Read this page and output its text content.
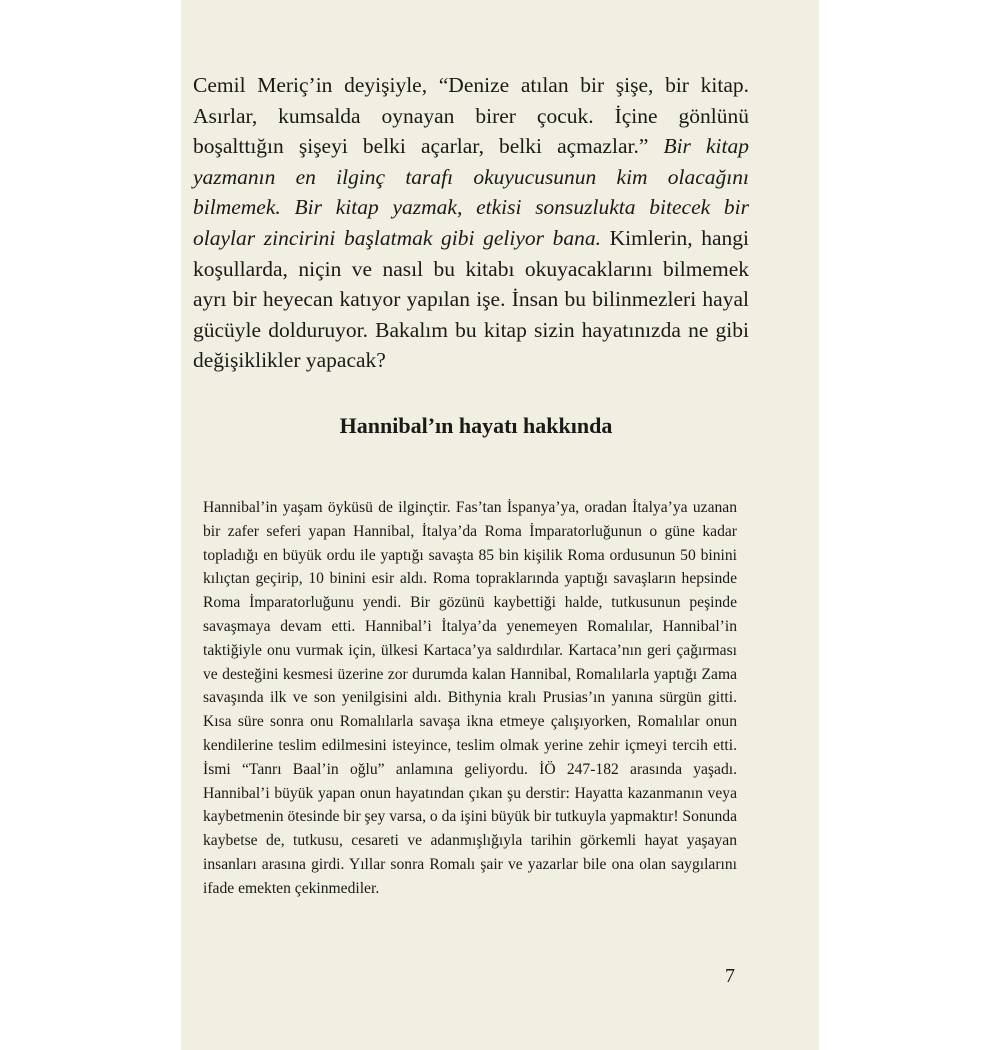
Cemil Meriç’in deyişiyle, “Denize atılan bir şişe, bir kitap. Asırlar, kumsalda oynayan birer çocuk. İçine gönlünü boşalttığın şişeyi belki açarlar, belki açmazlar.” Bir kitap yazmanın en ilginç tarafı okuyucusunun kim olacağını bilmemek. Bir kitap yazmak, etkisi sonsuzlukta bitecek bir olaylar zincirini başlatmak gibi geliyor bana. Kimlerin, hangi koşullarda, niçin ve nasıl bu kitabı okuyacaklarını bilmemek ayrı bir heyecan katıyor yapılan işe. İnsan bu bilinmezleri hayal gücüyle dolduruyor. Bakalım bu kitap sizin hayatınızda ne gibi değişiklikler yapacak?

Hannibal’ın hayatı hakkında

Hannibal’in yaşam öyküsü de ilginçtir. Fas’tan İspanya’ya, oradan İtalya’ya uzanan bir zafer seferi yapan Hannibal, İtalya’da Roma İmparatorluğunun o güne kadar topladığı en büyük ordu ile yaptığı savaşta 85 bin kişilik Roma ordusunun 50 binini kılıçtan geçirip, 10 binini esir aldı. Roma topraklarında yaptığı savaşların hepsinde Roma İmparatorluğunu yendi. Bir gözünü kaybettiği halde, tutkusunun peşinde savaşmaya devam etti. Hannibal’i İtalya’da yenemeyen Romalılar, Hannibal’in taktiğiyle onu vurmak için, ülkesi Kartaca’ya saldırdılar. Kartaca’nın geri çağırması ve desteğini kesmesi üzerine zor durumda kalan Hannibal, Romalılarla yaptığı Zama savaşında ilk ve son yenilgisini aldı. Bithynia kralı Prusias’ın yanına sürgün gitti. Kısa süre sonra onu Romalılarla savaşa ikna etmeye çalışıyorken, Romalılar onun kendilerine teslim edilmesini isteyince, teslim olmak yerine zehir içmeyi tercih etti. İsmi “Tanrı Baal’in oğlu” anlamına geliyordu. İÖ 247-182 arasında yaşadı. Hannibal’i büyük yapan onun hayatından çıkan şu derstir: Hayatta kazanmanın veya kaybetmenin ötesinde bir şey varsa, o da işini büyük bir tutkuyla yapmaktır! Sonunda kaybetse de, tutkusu, cesareti ve adanmışlığıyla tarihin görkemli hayat yaşayan insanları arasına girdi. Yıllar sonra Romalı şair ve yazarlar bile ona olan saygılarını ifade emekten çekinmediler.

7
